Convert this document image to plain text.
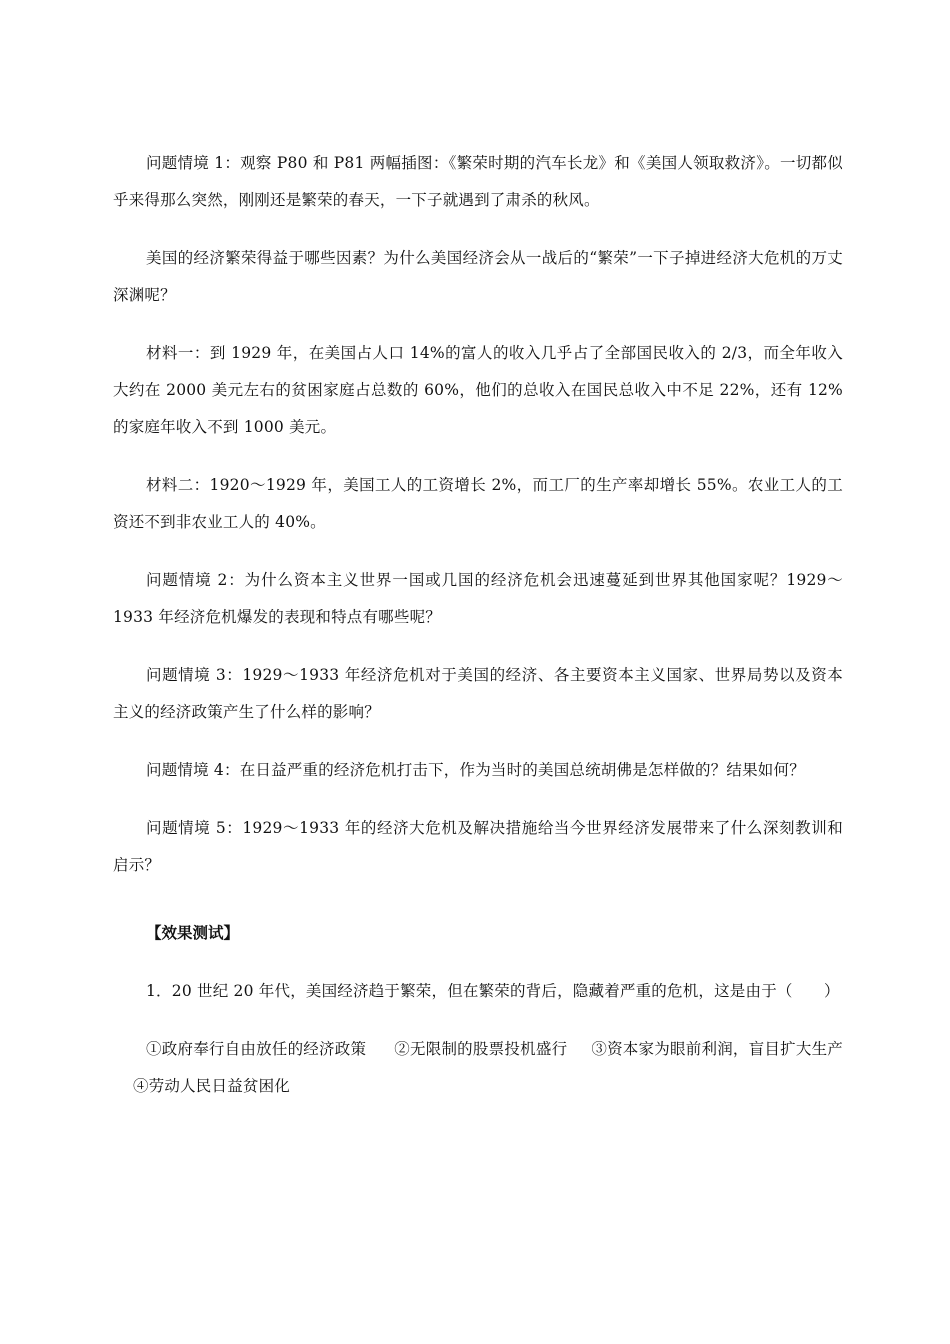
问题情境 1：观察 P80 和 P81 两幅插图：《繁荣时期的汽车长龙》和《美国人领取救济》。一切都似乎来得那么突然，刚刚还是繁荣的春天，一下子就遇到了肃杀的秋风。

美国的经济繁荣得益于哪些因素？为什么美国经济会从一战后的“繁荣”一下子掉进经济大危机的万丈深渊呢？

材料一：到 1929 年，在美国占人口 14%的富人的收入几乎占了全部国民收入的 2/3，而全年收入大约在 2000 美元左右的贫困家庭占总数的 60%，他们的总收入在国民总收入中不足 22%，还有 12%的家庭年收入不到 1000 美元。

材料二：1920～1929 年，美国工人的工资增长 2%，而工厂的生产率却增长 55%。农业工人的工资还不到非农业工人的 40%。

问题情境 2：为什么资本主义世界一国或几国的经济危机会迅速蔓延到世界其他国家呢？1929～1933 年经济危机爆发的表现和特点有哪些呢？

问题情境 3：1929～1933 年经济危机对于美国的经济、各主要资本主义国家、世界局势以及资本主义的经济政策产生了什么样的影响？

问题情境 4：在日益严重的经济危机打击下，作为当时的美国总统胡佛是怎样做的？结果如何？

问题情境 5：1929～1933 年的经济大危机及解决措施给当今世界经济发展带来了什么深刻教训和启示？

【效果测试】

1．20 世纪 20 年代，美国经济趋于繁荣，但在繁荣的背后，隐藏着严重的危机，这是由于（　　）

①政府奉行自由放任的经济政策 ②无限制的股票投机盛行 ③资本家为眼前利润，盲目扩大生产④劳动人民日益贫困化
